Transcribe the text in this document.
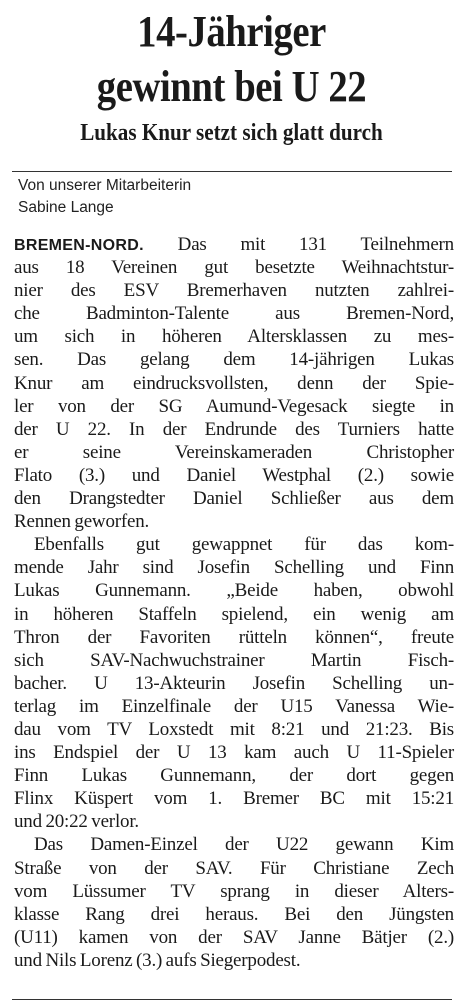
14-Jähriger
gewinnt bei U 22
Lukas Knur setzt sich glatt durch
Von unserer Mitarbeiterin
Sabine Lange
BREMEN-NORD. Das mit 131 Teilnehmern
aus 18 Vereinen gut besetzte Weihnachtstur-
nier des ESV Bremerhaven nutzten zahlrei-
che Badminton-Talente aus Bremen-Nord,
um sich in höheren Altersklassen zu mes-
sen. Das gelang dem 14-jährigen Lukas
Knur am eindrucksvollsten, denn der Spie-
ler von der SG Aumund-Vegesack siegte in
der U 22. In der Endrunde des Turniers hatte
er seine Vereinskameraden Christopher
Flato (3.) und Daniel Westphal (2.) sowie
den Drangstedter Daniel Schließer aus dem
Rennen geworfen.
Ebenfalls gut gewappnet für das kom-
mende Jahr sind Josefin Schelling und Finn
Lukas Gunnemann. „Beide haben, obwohl
in höheren Staffeln spielend, ein wenig am
Thron der Favoriten rütteln können“, freute
sich SAV-Nachwuchstrainer Martin Fisch-
bacher. U 13-Akteurin Josefin Schelling un-
terlag im Einzelfinale der U15 Vanessa Wie-
dau vom TV Loxstedt mit 8:21 und 21:23. Bis
ins Endspiel der U 13 kam auch U 11-Spieler
Finn Lukas Gunnemann, der dort gegen
Flinx Küspert vom 1. Bremer BC mit 15:21
und 20:22 verlor.
Das Damen-Einzel der U22 gewann Kim
Straße von der SAV. Für Christiane Zech
vom Lüssumer TV sprang in dieser Alters-
klasse Rang drei heraus. Bei den Jüngsten
(U11) kamen von der SAV Janne Bätjer (2.)
und Nils Lorenz (3.) aufs Siegerpodest.
